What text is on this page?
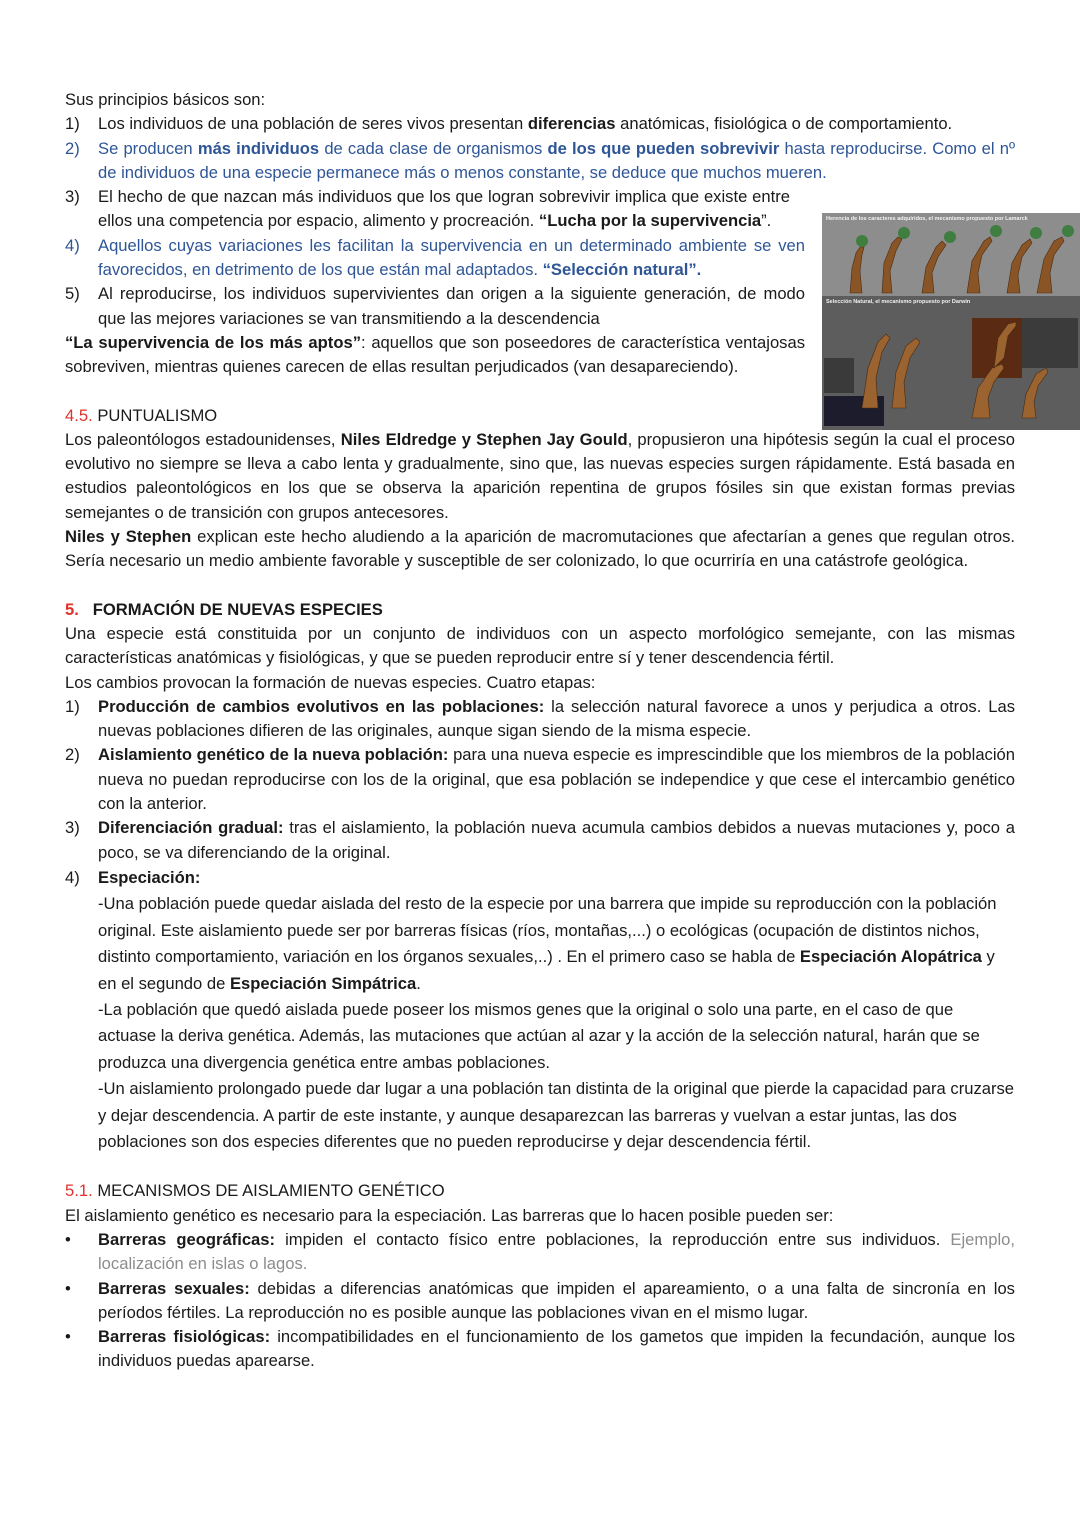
Herencia de los caracteres adquiridos, el mecanismo propuesto por Lamarck
Selección Natural, el mecanismo propuesto por Darwin

Sus principios básicos son:

1) Los individuos de una población de seres vivos presentan diferencias anatómicas, fisiológica o de comportamiento.
2) Se producen más individuos de cada clase de organismos de los que pueden sobrevivir hasta reproducirse. Como el nº de individuos de una especie permanece más o menos constante, se deduce que muchos mueren.
3) El hecho de que nazcan más individuos que los que logran sobrevivir implica que existe entre ellos una competencia por espacio, alimento y procreación. “Lucha por la supervivencia”.
4) Aquellos cuyas variaciones les facilitan la supervivencia en un determinado ambiente se ven favorecidos, en detrimento de los que están mal adaptados. “Selección natural”.
5) Al reproducirse, los individuos supervivientes dan origen a la siguiente generación, de modo que las mejores variaciones se van transmitiendo a la descendencia

“La supervivencia de los más aptos”: aquellos que son poseedores de característica ventajosas sobreviven, mientras quienes carecen de ellas resultan perjudicados (van desapareciendo).

4.5. PUNTUALISMO

Los paleontólogos estadounidenses, Niles Eldredge y Stephen Jay Gould, propusieron una hipótesis según la cual el proceso evolutivo no siempre se lleva a cabo lenta y gradualmente, sino que, las nuevas especies surgen rápidamente. Está basada en estudios paleontológicos en los que se observa la aparición repentina de grupos fósiles sin que existan formas previas semejantes o de transición con grupos antecesores.

Niles y Stephen explican este hecho aludiendo a la aparición de macromutaciones que afectarían a genes que regulan otros. Sería necesario un medio ambiente favorable y susceptible de ser colonizado, lo que ocurriría en una catástrofe geológica.

5. FORMACIÓN DE NUEVAS ESPECIES

Una especie está constituida por un conjunto de individuos con un aspecto morfológico semejante, con las mismas características anatómicas y fisiológicas, y que se pueden reproducir entre sí y tener descendencia fértil.

Los cambios provocan la formación de nuevas especies. Cuatro etapas:

1) Producción de cambios evolutivos en las poblaciones: la selección natural favorece a unos y perjudica a otros. Las nuevas poblaciones difieren de las originales, aunque sigan siendo de la misma especie.
2) Aislamiento genético de la nueva población: para una nueva especie es imprescindible que los miembros de la población nueva no puedan reproducirse con los de la original, que esa población se independice y que cese el intercambio genético con la anterior.
3) Diferenciación gradual: tras el aislamiento, la población nueva acumula cambios debidos a nuevas mutaciones y, poco a poco, se va diferenciando de la original.
4) Especiación:

-Una población puede quedar aislada del resto de la especie por una barrera que impide su reproducción con la población original. Este aislamiento puede ser por barreras físicas (ríos, montañas,...) o ecológicas (ocupación de distintos nichos, distinto comportamiento, variación en los órganos sexuales,..) . En el primero caso se habla de Especiación Alopátrica y en el segundo de Especiación Simpátrica.

-La población que quedó aislada puede poseer los mismos genes que la original o solo una parte, en el caso de que actuase la deriva genética. Además, las mutaciones que actúan al azar y la acción de la selección natural, harán que se produzca una divergencia genética entre ambas poblaciones.

-Un aislamiento prolongado puede dar lugar a una población tan distinta de la original que pierde la capacidad para cruzarse y dejar descendencia. A partir de este instante, y aunque desaparezcan las barreras y vuelvan a estar juntas, las dos poblaciones son dos especies diferentes que no pueden reproducirse y dejar descendencia fértil.

5.1. MECANISMOS DE AISLAMIENTO GENÉTICO

El aislamiento genético es necesario para la especiación. Las barreras que lo hacen posible pueden ser:

• Barreras geográficas: impiden el contacto físico entre poblaciones, la reproducción entre sus individuos. Ejemplo, localización en islas o lagos.
• Barreras sexuales: debidas a diferencias anatómicas que impiden el apareamiento, o a una falta de sincronía en los períodos fértiles. La reproducción no es posible aunque las poblaciones vivan en el mismo lugar.
• Barreras fisiológicas: incompatibilidades en el funcionamiento de los gametos que impiden la fecundación, aunque los individuos puedas aparearse.
